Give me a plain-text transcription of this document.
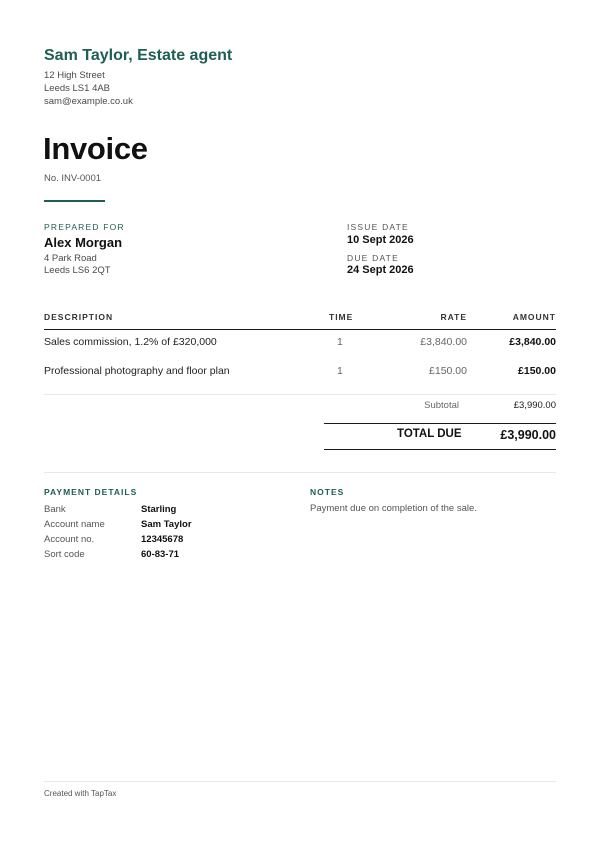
Sam Taylor, Estate agent
12 High Street
Leeds LS1 4AB
sam@example.co.uk
Invoice
No. INV-0001
PREPARED FOR
Alex Morgan
4 Park Road
Leeds LS6 2QT
ISSUE DATE
10 Sept 2026
DUE DATE
24 Sept 2026
DESCRIPTION	TIME	RATE	AMOUNT
Sales commission, 1.2% of £320,000	1	£3,840.00	£3,840.00
Professional photography and floor plan	1	£150.00	£150.00
Subtotal	£3,990.00
TOTAL DUE	£3,990.00
PAYMENT DETAILS
Bank	Starling
Account name	Sam Taylor
Account no.	12345678
Sort code	60-83-71
NOTES
Payment due on completion of the sale.
Created with TapTax
